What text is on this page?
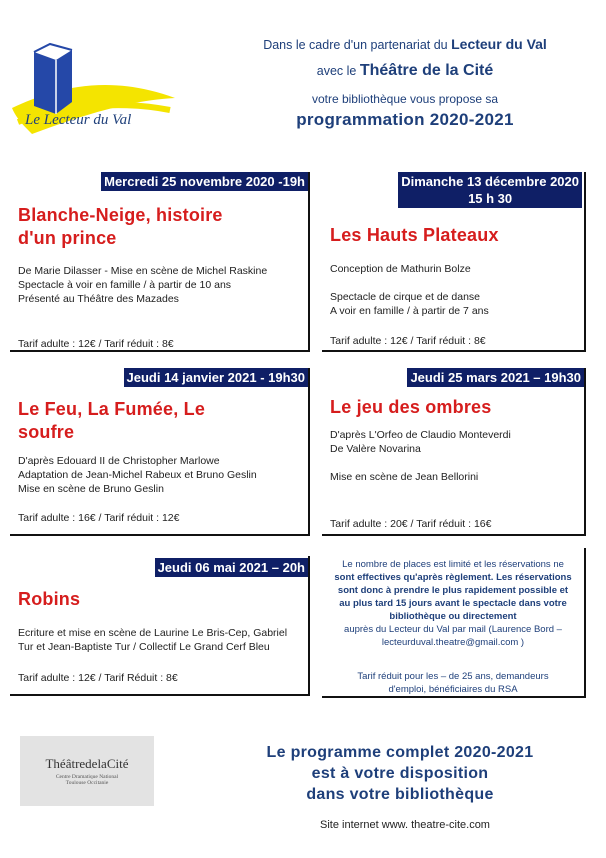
Le Lecteur du Val
Dans le cadre d'un partenariat du Lecteur du Val
avec le Théâtre de la Cité
votre bibliothèque vous propose sa
programmation 2020-2021
Mercredi 25 novembre 2020 -19h
Blanche-Neige, histoire
d'un prince
De Marie Dilasser - Mise en scène de Michel Raskine
Spectacle à voir en famille / à partir de 10 ans
Présenté au Théâtre des Mazades
Tarif adulte : 12€ / Tarif réduit : 8€
Dimanche 13 décembre 2020
15 h 30
Les Hauts Plateaux
Conception de Mathurin Bolze
Spectacle de cirque et de danse
A voir en famille / à partir de 7 ans
Tarif adulte : 12€ / Tarif réduit : 8€
Jeudi 14 janvier 2021 - 19h30
Le Feu, La Fumée, Le
soufre
D'après Edouard II de Christopher Marlowe
Adaptation de Jean-Michel Rabeux et Bruno Geslin
Mise en scène de Bruno Geslin
Tarif adulte : 16€ / Tarif réduit : 12€
Jeudi 25 mars 2021 – 19h30
Le jeu des ombres
D'après L'Orfeo de Claudio Monteverdi
De Valère Novarina
Mise en scène de Jean Bellorini
Tarif adulte : 20€ / Tarif réduit : 16€
Jeudi 06 mai 2021 – 20h
Robins
Ecriture et mise en scène de Laurine Le Bris-Cep, Gabriel
Tur et Jean-Baptiste Tur / Collectif Le Grand Cerf Bleu
Tarif adulte : 12€ / Tarif Réduit : 8€

Le nombre de places est limité et les réservations ne

sont effectives qu'après règlement. Les réservations

sont donc à prendre le plus rapidement possible et

au plus tard 15 jours avant le spectacle dans votre

bibliothèque ou directement

auprès du Lecteur du Val par mail (Laurence Bord –

lecteurduval.theatre@gmail.com )

Tarif réduit pour les – de 25 ans, demandeurs

d'emploi, bénéficiaires du RSA

ThéâtredelaCité
Centre Dramatique National
Toulouse Occitanie
Le programme complet 2020-2021
est à votre disposition
dans votre bibliothèque
Site internet www. theatre-cite.com
